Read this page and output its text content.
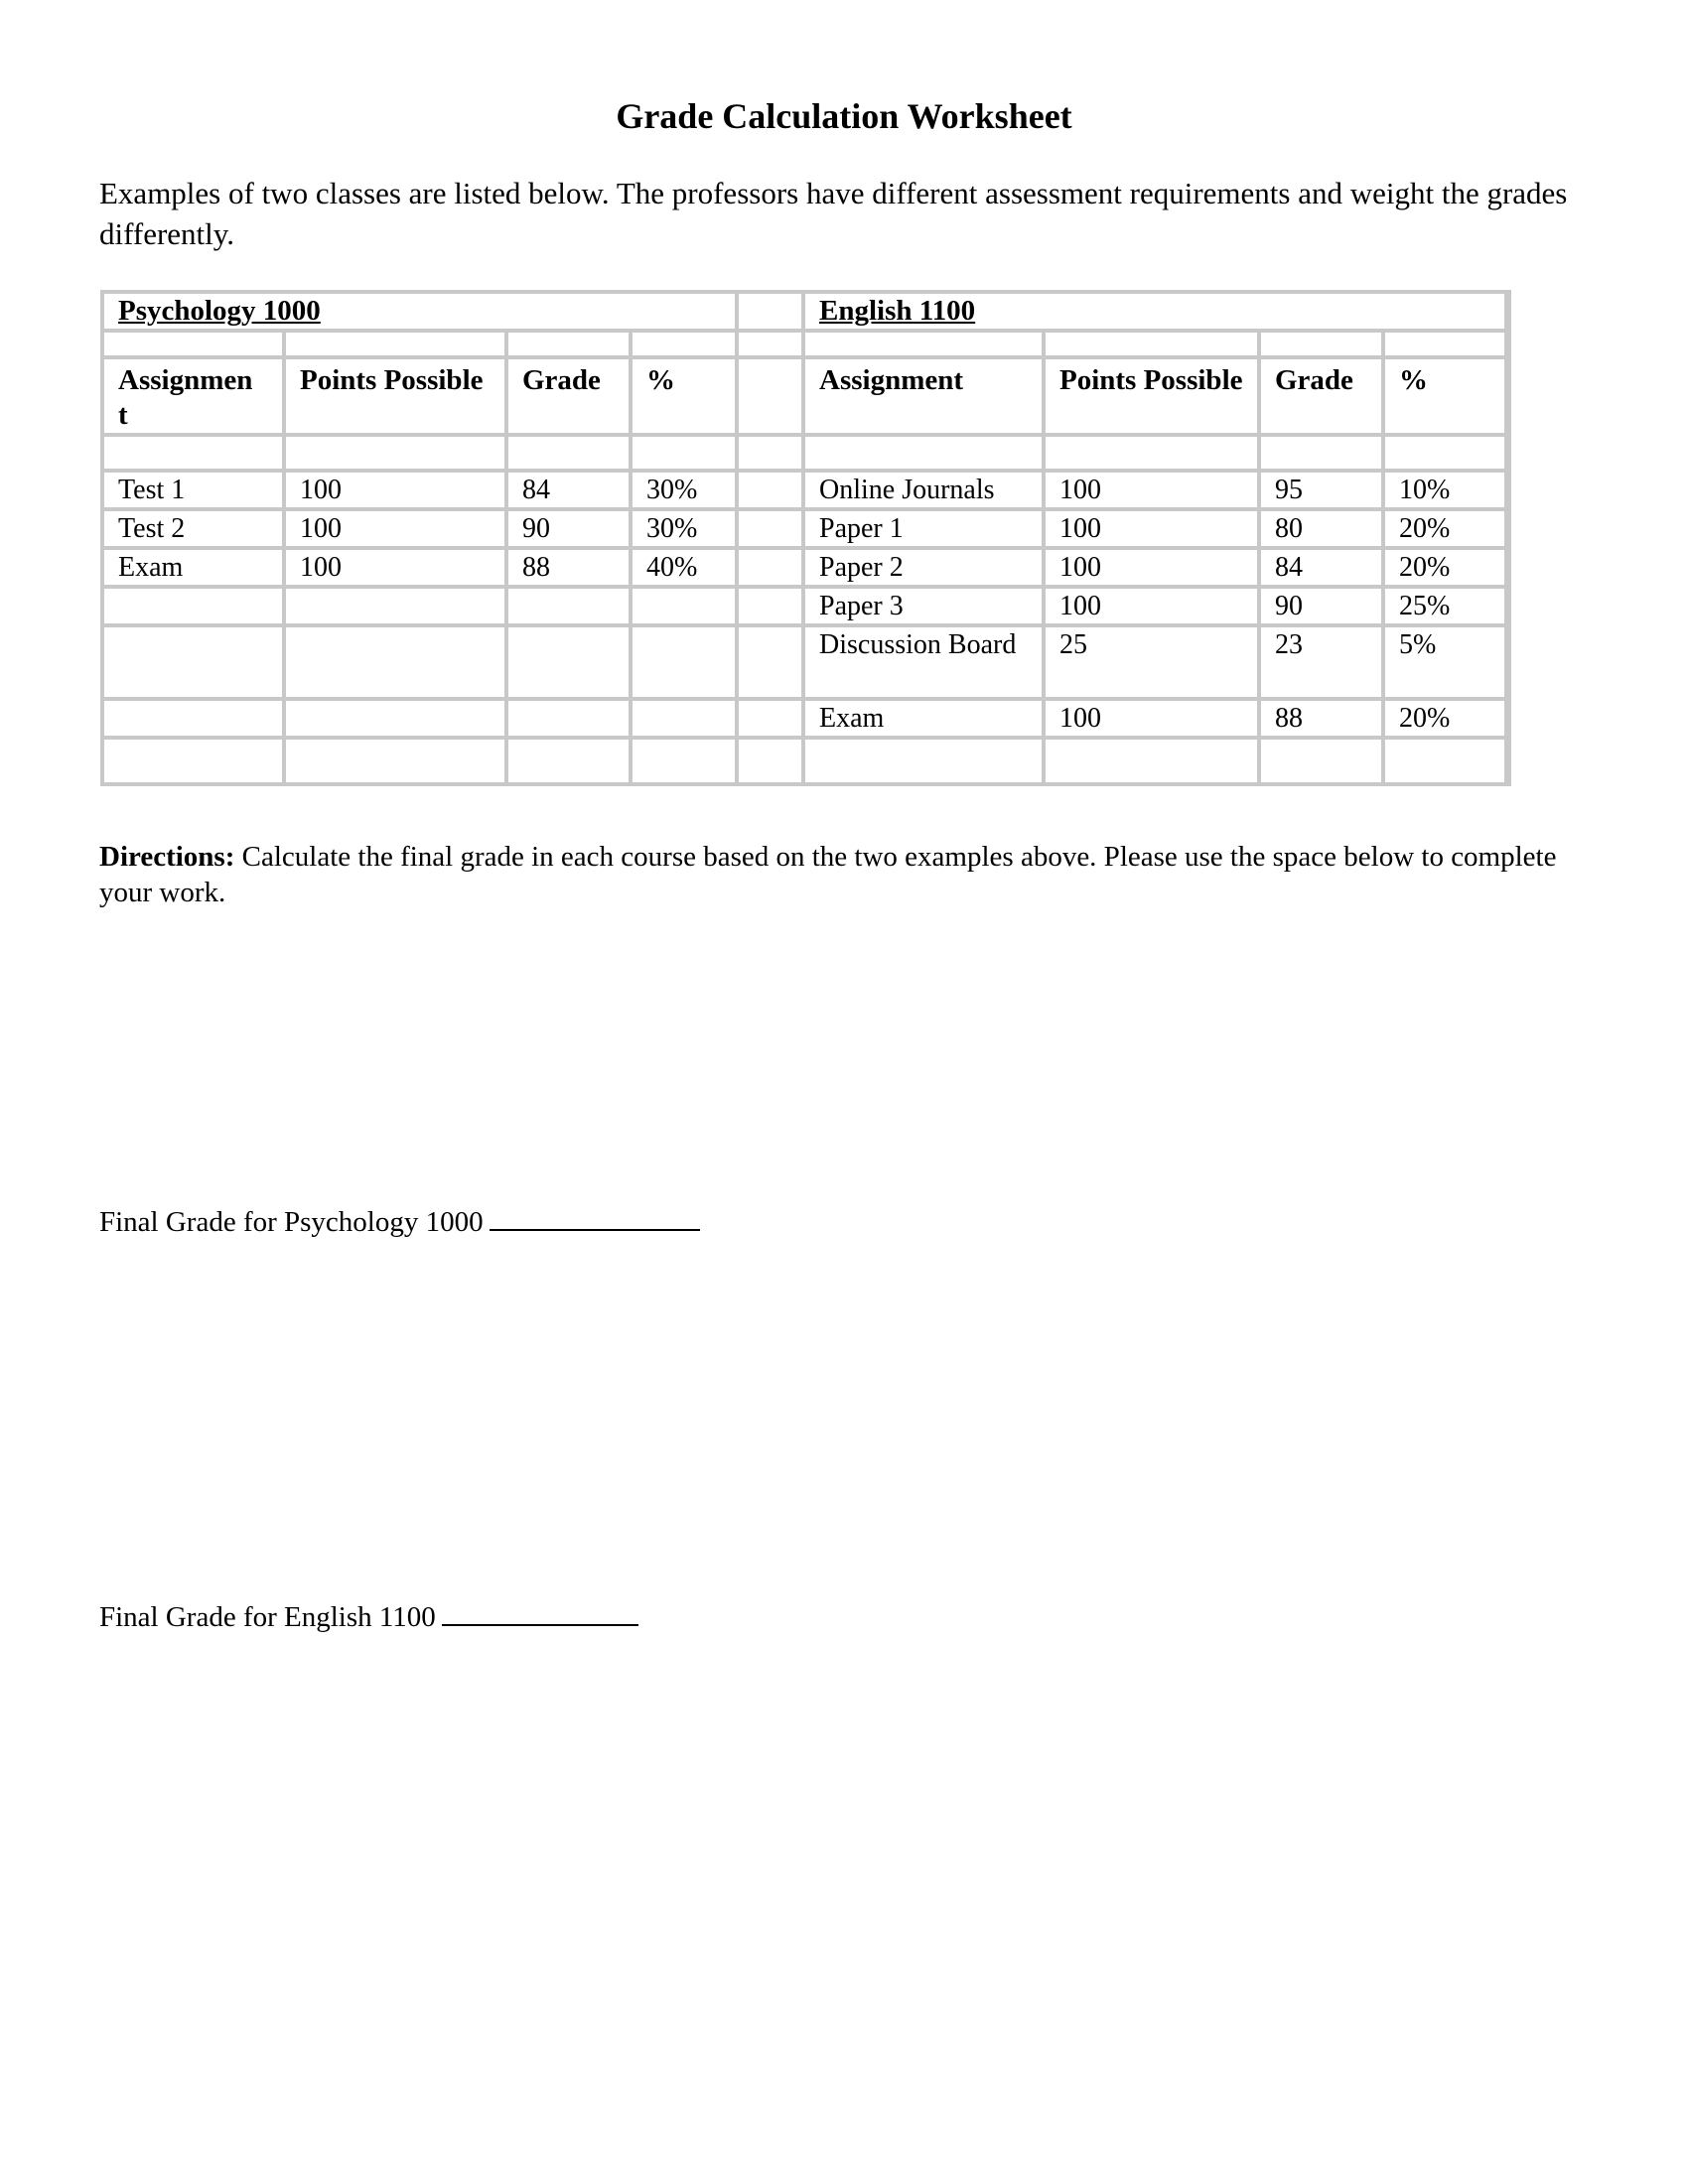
Grade Calculation Worksheet

Examples of two classes are listed below. The professors have different assessment requirements and weight the grades differently.

Psychology 1000					English 1100			

Assignmen t	Points Possible	Grade	%		Assignment	Points Possible	Grade	%

Test 1	100	84	30%		Online Journals	100	95	10%
Test 2	100	90	30%		Paper 1	100	80	20%
Exam	100	88	40%		Paper 2	100	84	20%
					Paper 3	100	90	25%
					Discussion Board	25	23	5%
					Exam	100	88	20%

Directions: Calculate the final grade in each course based on the two examples above. Please use the space below to complete your work.

Final Grade for Psychology 1000

Final Grade for English 1100
